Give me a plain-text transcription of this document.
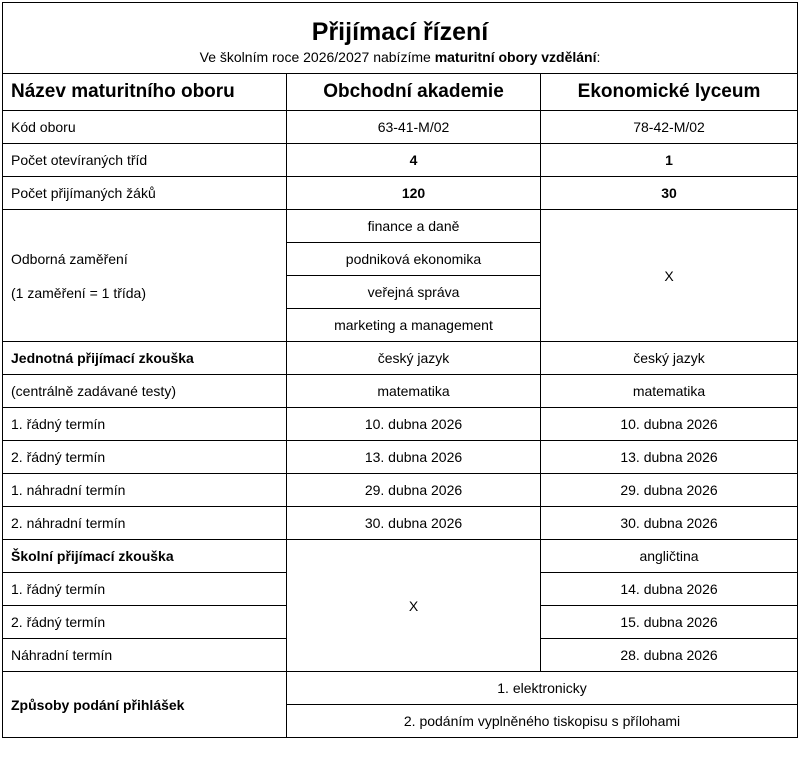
Přijímací řízení
Ve školním roce 2026/2027 nabízíme maturitní obory vzdělání:		

Název maturitního oboru	Obchodní akademie	Ekonomické lyceum
Kód oboru	63-41-M/02	78-42-M/02
Počet otevíraných tříd	4	1
Počet přijímaných žáků	120	30

Odborná zaměření
(1 zaměření = 1 třída)	finance a daně	X
	podniková ekonomika	
	veřejná správa	
	marketing a management	
Jednotná přijímací zkouška	český jazyk	český jazyk
(centrálně zadávané testy)	matematika	matematika
1. řádný termín	10. dubna 2026	10. dubna 2026
2. řádný termín	13. dubna 2026	13. dubna 2026
1. náhradní termín	29. dubna 2026	29. dubna 2026
2. náhradní termín	30. dubna 2026	30. dubna 2026
Školní přijímací zkouška	X	angličtina
1. řádný termín		14. dubna 2026
2. řádný termín		15. dubna 2026
Náhradní termín		28. dubna 2026
Způsoby podání přihlášek	1. elektronicky	
	2. podáním vyplněného tiskopisu s přílohami	
